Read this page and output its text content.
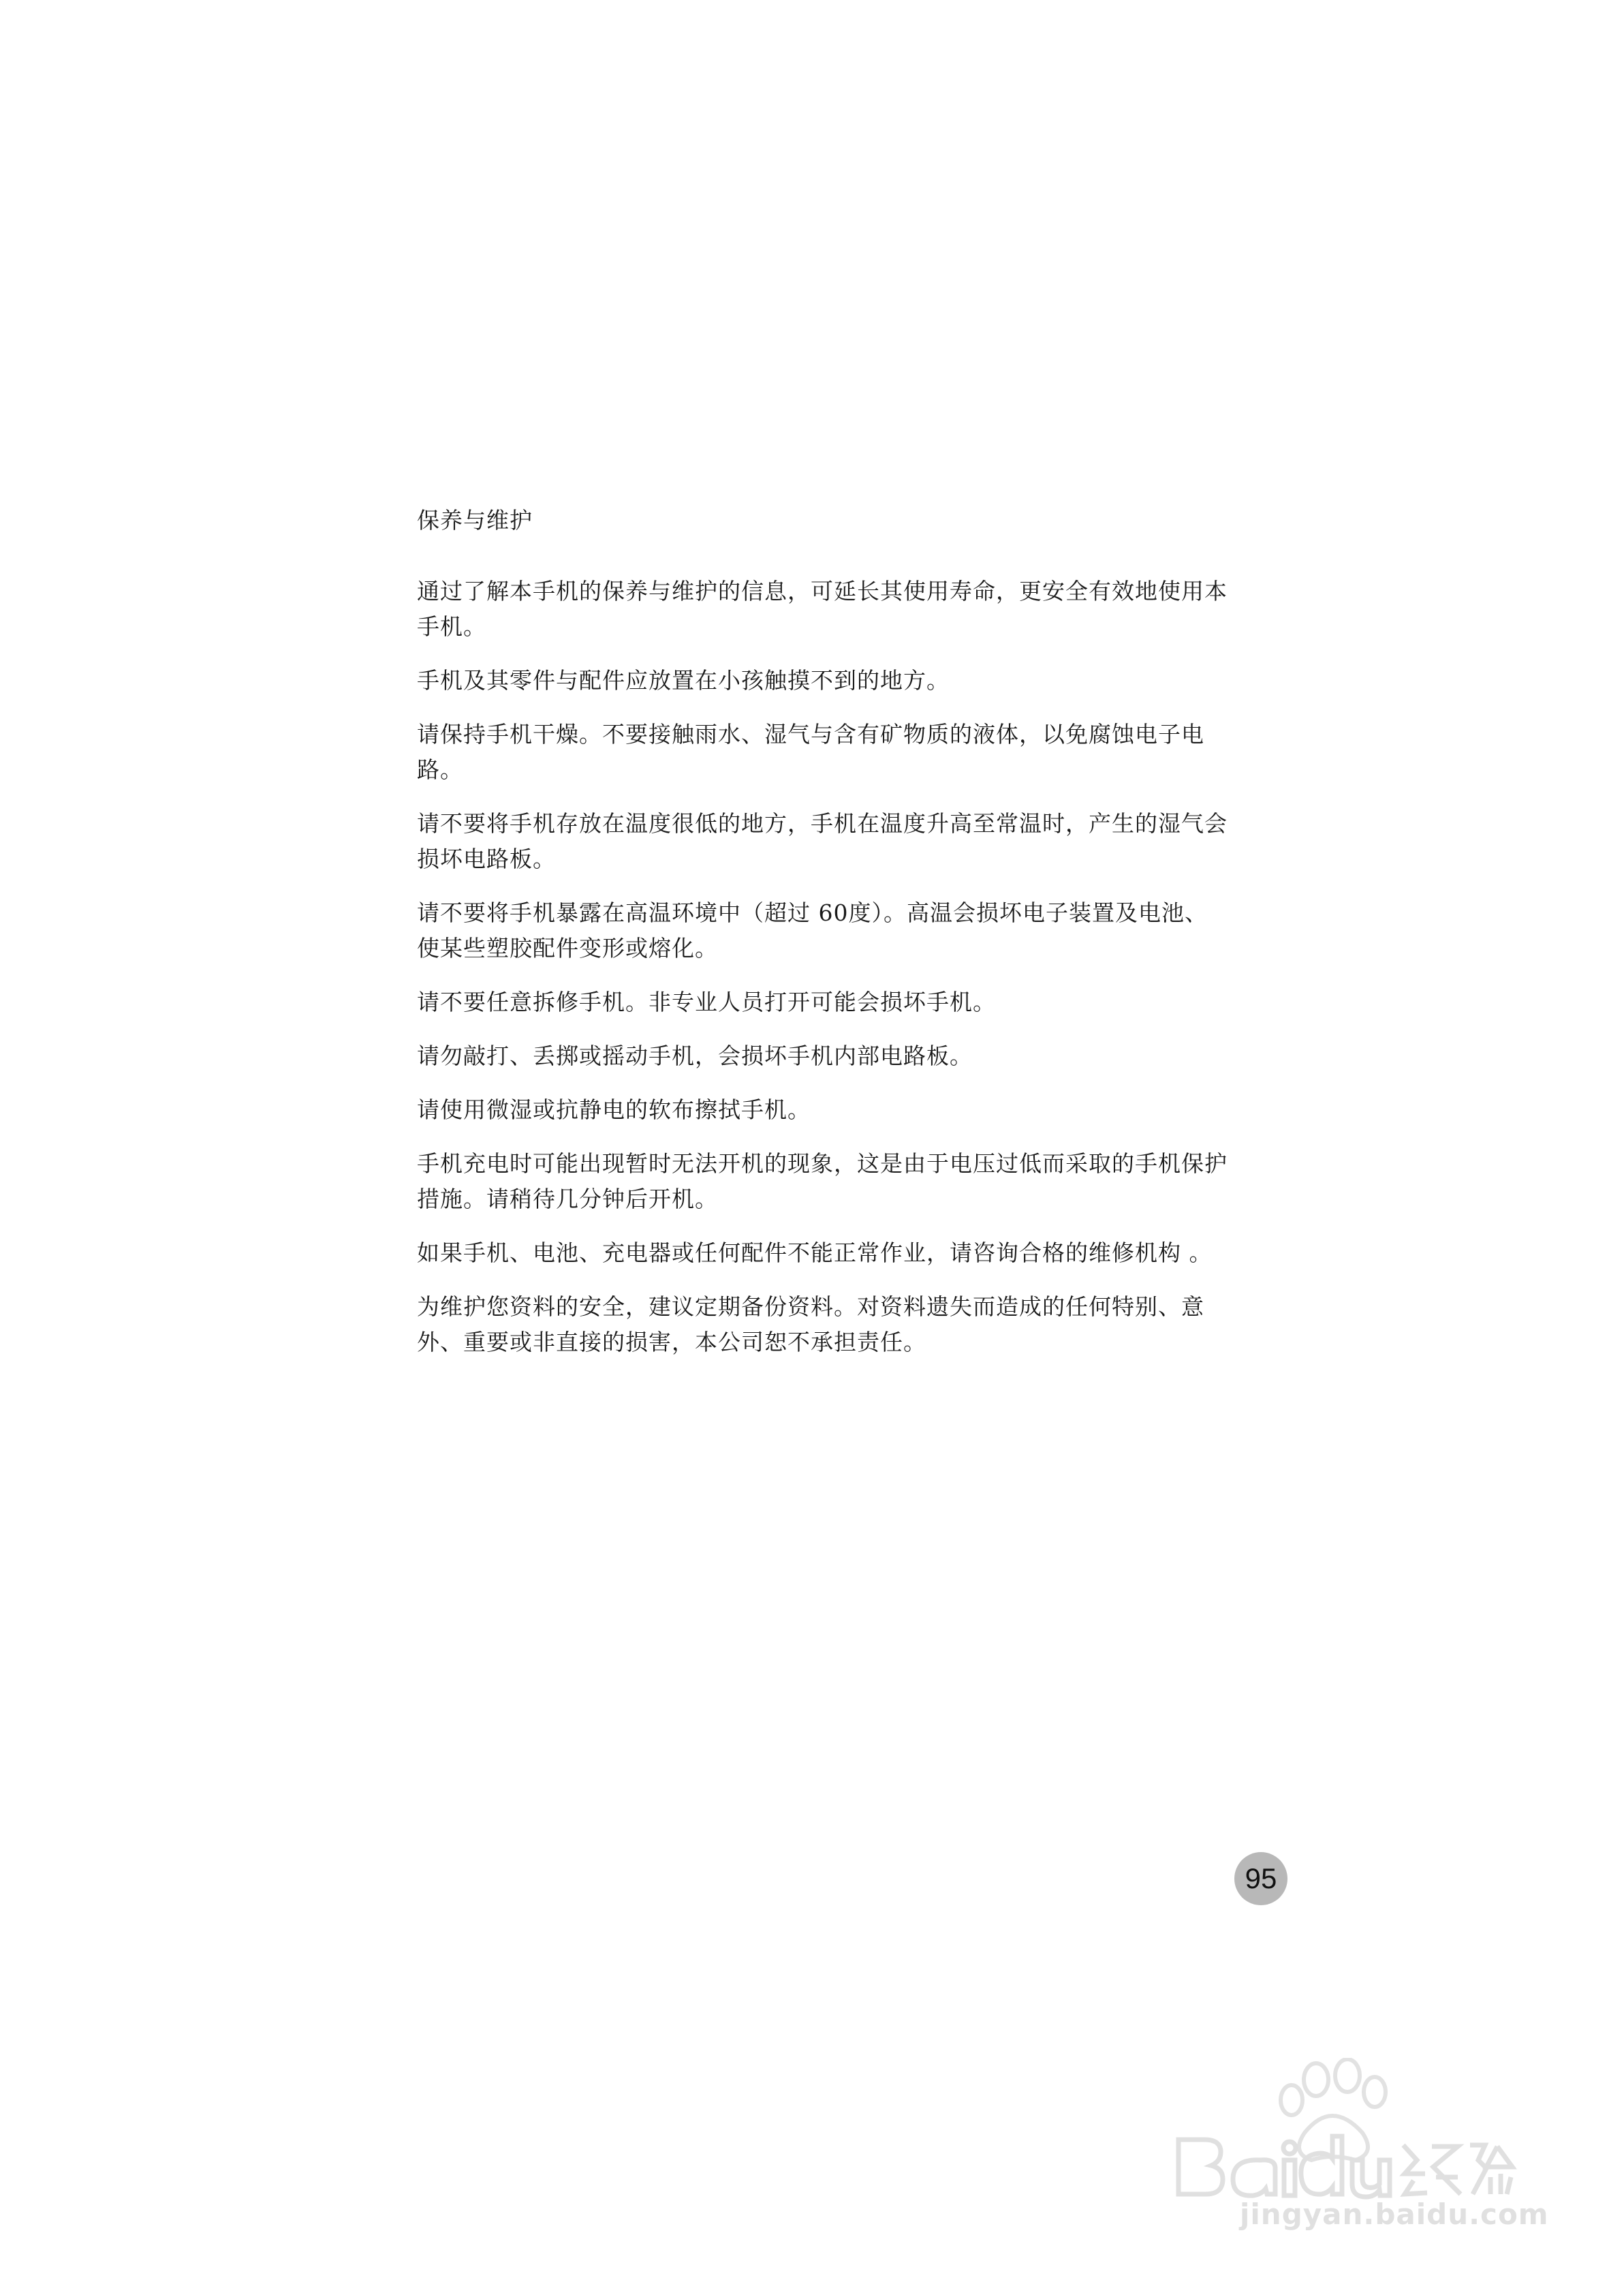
保养与维护

通过了解本手机的保养与维护的信息，可延长其使用寿命，更安全有效地使用本手机。

手机及其零件与配件应放置在小孩触摸不到的地方。

请保持手机干燥。不要接触雨水、湿气与含有矿物质的液体，以免腐蚀电子电路。

请不要将手机存放在温度很低的地方，手机在温度升高至常温时，产生的湿气会损坏电路板。

请不要将手机暴露在高温环境中（超过 60度）。高温会损坏电子装置及电池、使某些塑胶配件变形或熔化。

请不要任意拆修手机。非专业人员打开可能会损坏手机。

请勿敲打、丢掷或摇动手机，会损坏手机内部电路板。

请使用微湿或抗静电的软布擦拭手机。

手机充电时可能出现暂时无法开机的现象，这是由于电压过低而采取的手机保护措施。请稍待几分钟后开机。

如果手机、电池、充电器或任何配件不能正常作业，请咨询合格的维修机构 。

为维护您资料的安全，建议定期备份资料。对资料遗失而造成的任何特别、意外、重要或非直接的损害，本公司恕不承担责任。

95
jingyan.baidu.com
